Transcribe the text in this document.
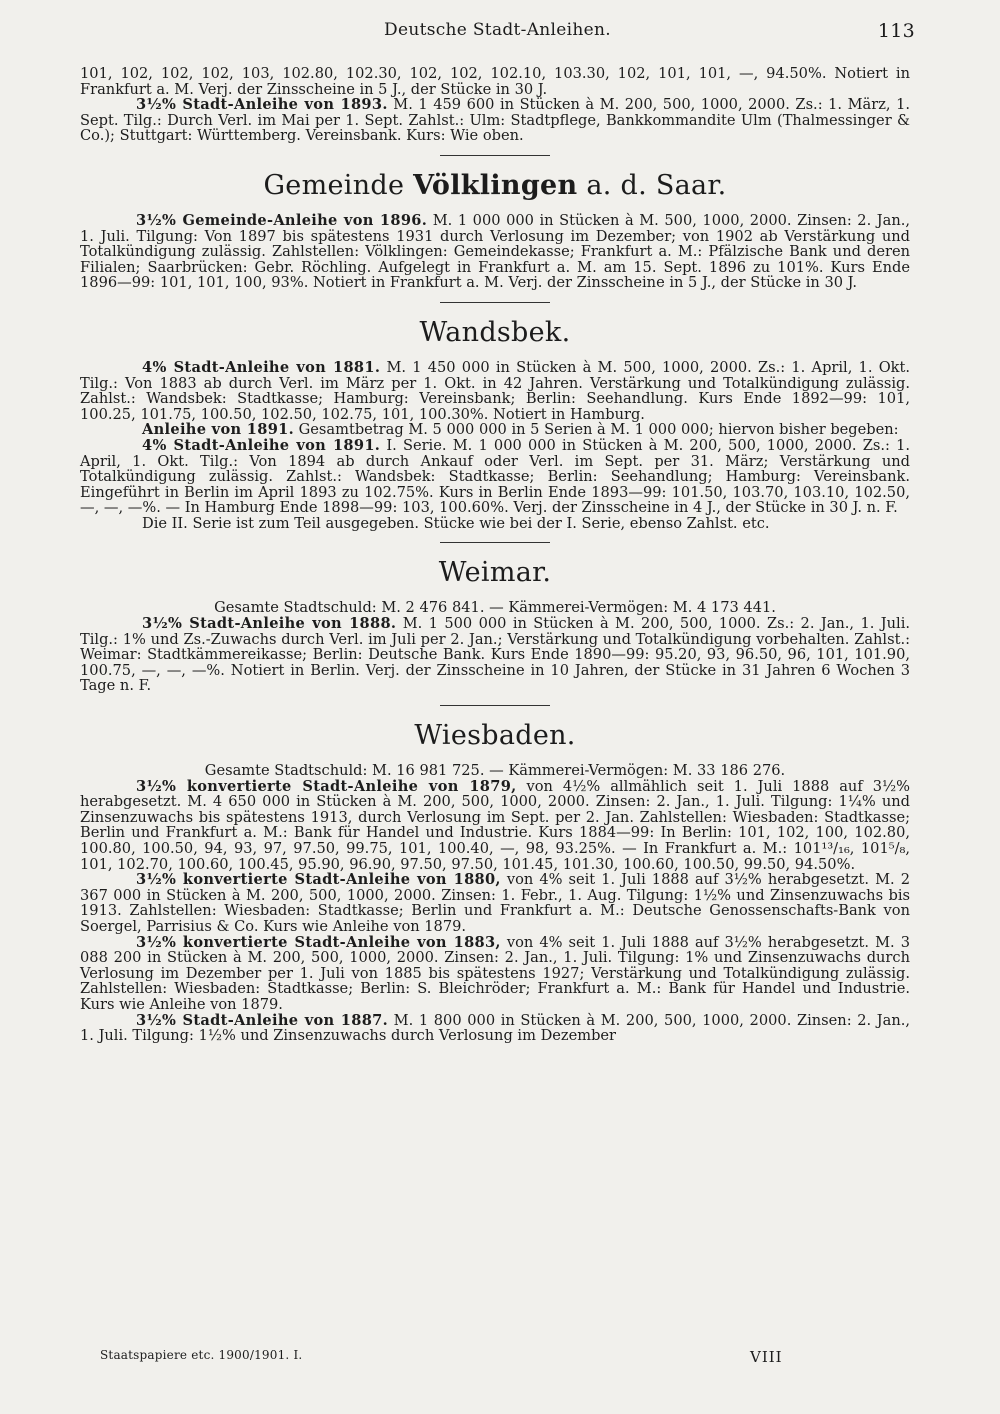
Deutsche Stadt-Anleihen.	113

101, 102, 102, 102, 103, 102.80, 102.30, 102, 102, 102.10, 103.30, 102, 101, 101, —, 94.50%. Notiert in Frankfurt a. M. Verj. der Zinsscheine in 5 J., der Stücke in 30 J.

3½% Stadt-Anleihe von 1893. M. 1 459 600 in Stücken à M. 200, 500, 1000, 2000. Zs.: 1. März, 1. Sept. Tilg.: Durch Verl. im Mai per 1. Sept. Zahlst.: Ulm: Stadtpflege, Bankkommandite Ulm (Thalmessinger & Co.); Stuttgart: Württemberg. Vereinsbank. Kurs: Wie oben.

Gemeinde Völklingen a. d. Saar.

3½% Gemeinde-Anleihe von 1896. M. 1 000 000 in Stücken à M. 500, 1000, 2000. Zinsen: 2. Jan., 1. Juli. Tilgung: Von 1897 bis spätestens 1931 durch Verlosung im Dezember; von 1902 ab Verstärkung und Totalkündigung zulässig. Zahlstellen: Völklingen: Gemeindekasse; Frankfurt a. M.: Pfälzische Bank und deren Filialen; Saarbrücken: Gebr. Röchling. Aufgelegt in Frankfurt a. M. am 15. Sept. 1896 zu 101%. Kurs Ende 1896—99: 101, 101, 100, 93%. Notiert in Frankfurt a. M. Verj. der Zinsscheine in 5 J., der Stücke in 30 J.

Wandsbek.

4% Stadt-Anleihe von 1881. M. 1 450 000 in Stücken à M. 500, 1000, 2000. Zs.: 1. April, 1. Okt. Tilg.: Von 1883 ab durch Verl. im März per 1. Okt. in 42 Jahren. Verstärkung und Totalkündigung zulässig. Zahlst.: Wandsbek: Stadtkasse; Hamburg: Vereinsbank; Berlin: Seehandlung. Kurs Ende 1892—99: 101, 100.25, 101.75, 100.50, 102.50, 102.75, 101, 100.30%. Notiert in Hamburg.

Anleihe von 1891. Gesamtbetrag M. 5 000 000 in 5 Serien à M. 1 000 000; hiervon bisher begeben:

4% Stadt-Anleihe von 1891. I. Serie. M. 1 000 000 in Stücken à M. 200, 500, 1000, 2000. Zs.: 1. April, 1. Okt. Tilg.: Von 1894 ab durch Ankauf oder Verl. im Sept. per 31. März; Verstärkung und Totalkündigung zulässig. Zahlst.: Wandsbek: Stadtkasse; Berlin: Seehandlung; Hamburg: Vereinsbank. Eingeführt in Berlin im April 1893 zu 102.75%. Kurs in Berlin Ende 1893—99: 101.50, 103.70, 103.10, 102.50, —, —, —%. — In Hamburg Ende 1898—99: 103, 100.60%. Verj. der Zinsscheine in 4 J., der Stücke in 30 J. n. F.

Die II. Serie ist zum Teil ausgegeben. Stücke wie bei der I. Serie, ebenso Zahlst. etc.

Weimar.

Gesamte Stadtschuld: M. 2 476 841. — Kämmerei-Vermögen: M. 4 173 441.

3½% Stadt-Anleihe von 1888. M. 1 500 000 in Stücken à M. 200, 500, 1000. Zs.: 2. Jan., 1. Juli. Tilg.: 1% und Zs.-Zuwachs durch Verl. im Juli per 2. Jan.; Verstärkung und Totalkündigung vorbehalten. Zahlst.: Weimar: Stadtkämmereikasse; Berlin: Deutsche Bank. Kurs Ende 1890—99: 95.20, 93, 96.50, 96, 101, 101.90, 100.75, —, —, —%. Notiert in Berlin. Verj. der Zinsscheine in 10 Jahren, der Stücke in 31 Jahren 6 Wochen 3 Tage n. F.

Wiesbaden.

Gesamte Stadtschuld: M. 16 981 725. — Kämmerei-Vermögen: M. 33 186 276.

3½% konvertierte Stadt-Anleihe von 1879, von 4½% allmählich seit 1. Juli 1888 auf 3½% herabgesetzt. M. 4 650 000 in Stücken à M. 200, 500, 1000, 2000. Zinsen: 2. Jan., 1. Juli. Tilgung: 1¼% und Zinsenzuwachs bis spätestens 1913, durch Verlosung im Sept. per 2. Jan. Zahlstellen: Wiesbaden: Stadtkasse; Berlin und Frankfurt a. M.: Bank für Handel und Industrie. Kurs 1884—99: In Berlin: 101, 102, 100, 102.80, 100.80, 100.50, 94, 93, 97, 97.50, 99.75, 101, 100.40, —, 98, 93.25%. — In Frankfurt a. M.: 101¹³/₁₆, 101⁵/₈, 101, 102.70, 100.60, 100.45, 95.90, 96.90, 97.50, 97.50, 101.45, 101.30, 100.60, 100.50, 99.50, 94.50%.

3½% konvertierte Stadt-Anleihe von 1880, von 4% seit 1. Juli 1888 auf 3½% herabgesetzt. M. 2 367 000 in Stücken à M. 200, 500, 1000, 2000. Zinsen: 1. Febr., 1. Aug. Tilgung: 1½% und Zinsenzuwachs bis 1913. Zahlstellen: Wiesbaden: Stadtkasse; Berlin und Frankfurt a. M.: Deutsche Genossenschafts-Bank von Soergel, Parrisius & Co. Kurs wie Anleihe von 1879.

3½% konvertierte Stadt-Anleihe von 1883, von 4% seit 1. Juli 1888 auf 3½% herabgesetzt. M. 3 088 200 in Stücken à M. 200, 500, 1000, 2000. Zinsen: 2. Jan., 1. Juli. Tilgung: 1% und Zinsenzuwachs durch Verlosung im Dezember per 1. Juli von 1885 bis spätestens 1927; Verstärkung und Totalkündigung zulässig. Zahlstellen: Wiesbaden: Stadtkasse; Berlin: S. Bleichröder; Frankfurt a. M.: Bank für Handel und Industrie. Kurs wie Anleihe von 1879.

3½% Stadt-Anleihe von 1887. M. 1 800 000 in Stücken à M. 200, 500, 1000, 2000. Zinsen: 2. Jan., 1. Juli. Tilgung: 1½% und Zinsenzuwachs durch Verlosung im Dezember

Staatspapiere etc. 1900/1901. I.	VIII
